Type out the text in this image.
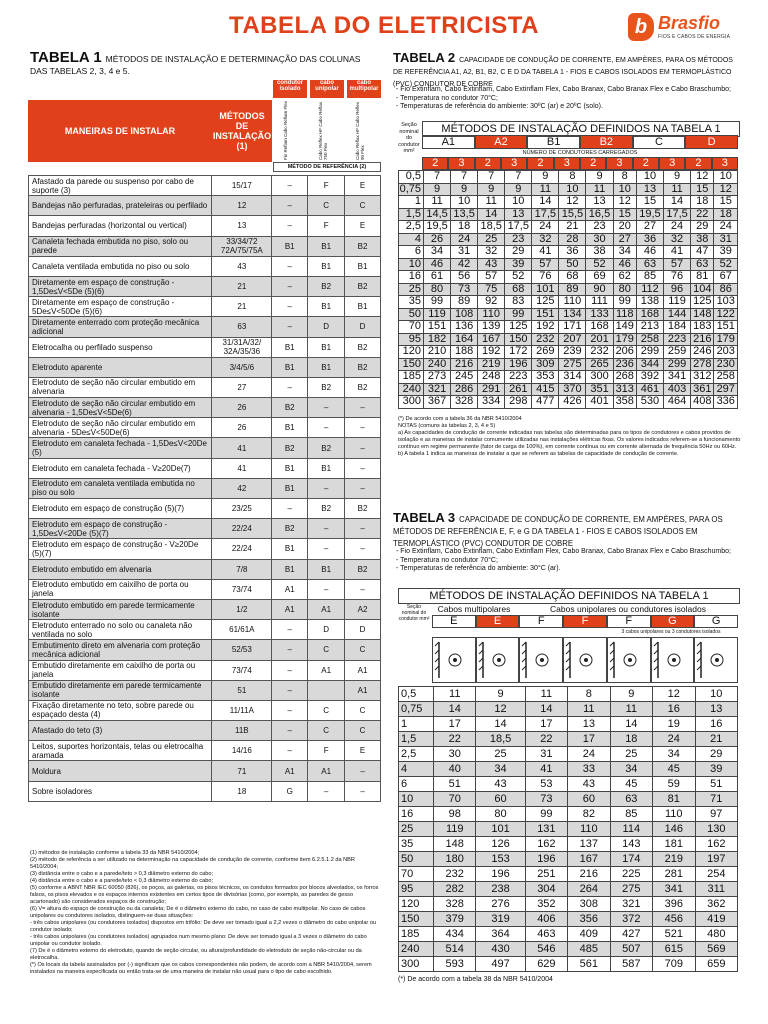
TABELA DO ELETRICISTA	b Brasfio
FIOS E CABOS DE ENERGIA
TABELA 1 MÉTODOS DE INSTALAÇÃO E DETERMINAÇÃO DAS COLUNAS DAS TABELAS 2, 3, 4 e 5.
MANEIRAS DE INSTALAR
MÉTODOS DE INSTALAÇÃO (1)
condutor isolado
cabo unipolar
cabo multipolar
Fio Reflam Cabo Reflam Flex	Cabo Reflex HF Cabo Reflax 750 Flex	Cabo Reflax HF Cabo Reflex 90 Flex
MÉTODO DE REFERÊNCIA (2)
Afastado da parede ou suspenso por cabo de suporte (3)	15/17	–	F	E
Bandejas não perfuradas, prateleiras ou perfilado	12	–	C	C
Bandejas perfuradas (horizontal ou vertical)	13	–	F	E
Canaleta fechada embutida no piso, solo ou parede	33/34/72 72A/75/75A	B1	B1	B2
Canaleta ventilada embutida no piso ou solo	43	–	B1	B1
Diretamente em espaço de construção - 1,5De≤V<5De (5)(6)	21	–	B2	B2
Diretamente em espaço de construção - 5De≤V<50De (5)(6)	21	–	B1	B1
Diretamente enterrado com proteção mecânica adicional	63	–	D	D
Eletrocalha ou perfilado suspenso	31/31A/32/ 32A/35/36	B1	B1	B2
Eletroduto aparente	3/4/5/6	B1	B1	B2
Eletroduto de seção não circular embutido em alvenaria	27	–	B2	B2
Eletroduto de seção não circular embutido em alvenaria - 1,5De≤V<5De(6)	26	B2	–	–
Eletroduto de seção não circular embutido em alvenaria - 5De≤V<50De(6)	26	B1	–	–
Eletroduto em canaleta fechada - 1,5De≤V<20De (5)	41	B2	B2	–
Eletroduto em canaleta fechada - V≥20De(7)	41	B1	B1	–
Eletroduto em canaleta ventilada embutida no piso ou solo	42	B1	–	–
Eletroduto em espaço de construção (5)(7)	23/25	–	B2	B2
Eletroduto em espaço de construção - 1,5De≤V<20De (5)(7)	22/24	B2	–	–
Eletroduto em espaço de construção - V≥20De (5)(7)	22/24	B1	–	–
Eletroduto embutido em alvenaria	7/8	B1	B1	B2
Eletroduto embutido em caixilho de porta ou janela	73/74	A1	–	–
Eletroduto embutido em parede termicamente isolante	1/2	A1	A1	A2
Eletroduto enterrado no solo ou canaleta não ventilada no solo	61/61A	–	D	D
Embutimento direto em alvenaria com proteção mecânica adicional	52/53	–	C	C
Embutido diretamente em caixilho de porta ou janela	73/74	–	A1	A1
Embutido diretamente em parede termicamente isolante	51	–		A1
Fixação diretamente no teto, sobre parede ou espaçado desta (4)	11/11A	–	C	C
Afastado do teto (3)	11B	–	C	C
Leitos, suportes horizontais, telas ou eletrocalha aramada	14/16	–	F	E
Moldura	71	A1	A1	–
Sobre isoladores	18	G	–	–
(1) métodos de instalação conforme a tabela 33 da NBR 5410/2004;
(2) método de referência a ser utilizado na determinação na capacidade de condução de corrente, conforme item 6.2.5.1.2 da NBR 5410/2004;
(3) distância entre o cabo e a parede/teto > 0,3 diâmetro externo do cabo;
(4) distância entre o cabo e a parede/teto < 0,3 diâmetro externo do cabo;
(5) conforme a ABNT NBR IEC 60050 (826), os poços, as galerias, os pisos técnicos, os condutos formados por blocos alveolados, os forros falsos, os pisos elevados e os espaços internos existentes em certos tipos de divisórias (como, por exemplo, as paredes de gesso acartonado) são considerados espaços de construção;
(6) V= altura do espaço de construção ou da canaleta; De é o diâmetro externo do cabo, no caso de cabo multipolar. No caso de cabos unipolares ou condutores isolados, distinguem-se duas situações:
- três cabos unipolares (ou condutores isolados) dispostos em trifólio: De deve ser tomado igual a 2,2 vezes o diâmetro do cabo unipolar ou condutor isolado;
- três cabos unipolares (ou condutores isolados) agrupados num mesmo plano: De deve ser tomado igual a 3 vezes o diâmetro do cabo unipolar ou condutor isolado.
(7) De é o diâmetro externo do eletroduto, quando de seção circular, ou altura/profundidade do eletroduto de seção não-circular ou da eletrocalha.
(*) Os locais da tabela assinalados por (-) significam que os cabos correspondentes não podem, de acordo com a NBR 5410/2004, serem instalados na maneira especificada ou então trata-se de uma maneira de instalar não usual para o tipo de cabo escolhido.
TABELA 2 CAPACIDADE DE CONDUÇÃO DE CORRENTE, EM AMPÈRES, PARA OS MÉTODOS DE REFERÊNCIA A1, A2, B1, B2, C E D DA TABELA 1 - FIOS E CABOS ISOLADOS EM TERMOPLÁSTICO (PVC) CONDUTOR DE COBRE
- Fio Extinflam, Cabo Extinflam, Cabo Extinflam Flex, Cabo Branax, Cabo Branax Flex e Cabo Braschumbo;
- Temperatura no condutor 70°C;
- Temperaturas de referência do ambiente: 30ºC (ar) e 20ºC (solo).
Seção nominal do condutor mm²
MÉTODOS DE INSTALAÇÃO DEFINIDOS NA TABELA 1
A1	A2	B1	B2	C	D
NÚMERO DE CONDUTORES CARREGADOS
2	3	2	3	2	3	2	3	2	3	2	3
0,5	7	7	7	7	9	8	9	8	10	9	12	10
0,75	9	9	9	9	11	10	11	10	13	11	15	12
1	11	10	11	10	14	12	13	12	15	14	18	15
1,5	14,5	13,5	14	13	17,5	15,5	16,5	15	19,5	17,5	22	18
2,5	19,5	18	18,5	17,5	24	21	23	20	27	24	29	24
4	26	24	25	23	32	28	30	27	36	32	38	31
6	34	31	32	29	41	36	38	34	46	41	47	39
10	46	42	43	39	57	50	52	46	63	57	63	52
16	61	56	57	52	76	68	69	62	85	76	81	67
25	80	73	75	68	101	89	90	80	112	96	104	86
35	99	89	92	83	125	110	111	99	138	119	125	103
50	119	108	110	99	151	134	133	118	168	144	148	122
70	151	136	139	125	192	171	168	149	213	184	183	151
95	182	164	167	150	232	207	201	179	258	223	216	179
120	210	188	192	172	269	239	232	206	299	259	246	203
150	240	216	219	196	309	275	265	236	344	299	278	230
185	273	245	248	223	353	314	300	268	392	341	312	258
240	321	286	291	261	415	370	351	313	461	403	361	297
300	367	328	334	298	477	426	401	358	530	464	408	336
(*) De acordo com a tabela 36 da NBR 5410/2004
NOTAS (comuns às tabelas 2, 3, 4 e 5)
a) As capacidades de condução de corrente indicadas nas tabelas são determinadas para os tipos de condutores e cabos providos de isolação e as maneiras de instalar comumente utilizadas nas instalações elétricas fixas. Os valores indicados referem-se a funcionamento contínuo em regime permanente (fator de carga de 100%), em corrente contínua ou em corrente alternada de frequência 50Hz ou 60Hz.
b) A tabela 1 indica as maneiras de instalar a que se referem as tabelas de capacidade de condução de corrente.
TABELA 3 CAPACIDADE DE CONDUÇÃO DE CORRENTE, EM AMPÈRES, PARA OS MÉTODOS DE REFERÊNCIA E, F, e G DA TABELA 1 - FIOS E CABOS ISOLADOS EM TERMOPLÁSTICO (PVC) CONDUTOR DE COBRE
- Fio Extinflam, Cabo Extinflam, Cabo Extinflam Flex, Cabo Branax, Cabo Branax Flex e Cabo Braschumbo;
- Temperatura no condutor 70°C;
- Temperaturas de referência do ambiente: 30°C (ar).
MÉTODOS DE INSTALAÇÃO DEFINIDOS NA TABELA 1
Seção nominal do condutor mm²
Cabos multipolares	Cabos unipolares ou condutores isolados
E	E	F	F	F	G	G
3 cabos unipolares ou 3 condutores isolados
0,5	11	9	11	8	9	12	10
0,75	14	12	14	11	11	16	13
1	17	14	17	13	14	19	16
1,5	22	18,5	22	17	18	24	21
2,5	30	25	31	24	25	34	29
4	40	34	41	33	34	45	39
6	51	43	53	43	45	59	51
10	70	60	73	60	63	81	71
16	98	80	99	82	85	110	97
25	119	101	131	110	114	146	130
35	148	126	162	137	143	181	162
50	180	153	196	167	174	219	197
70	232	196	251	216	225	281	254
95	282	238	304	264	275	341	311
120	328	276	352	308	321	396	362
150	379	319	406	356	372	456	419
185	434	364	463	409	427	521	480
240	514	430	546	485	507	615	569
300	593	497	629	561	587	709	659
(*) De acordo com a tabela 38 da NBR 5410/2004
